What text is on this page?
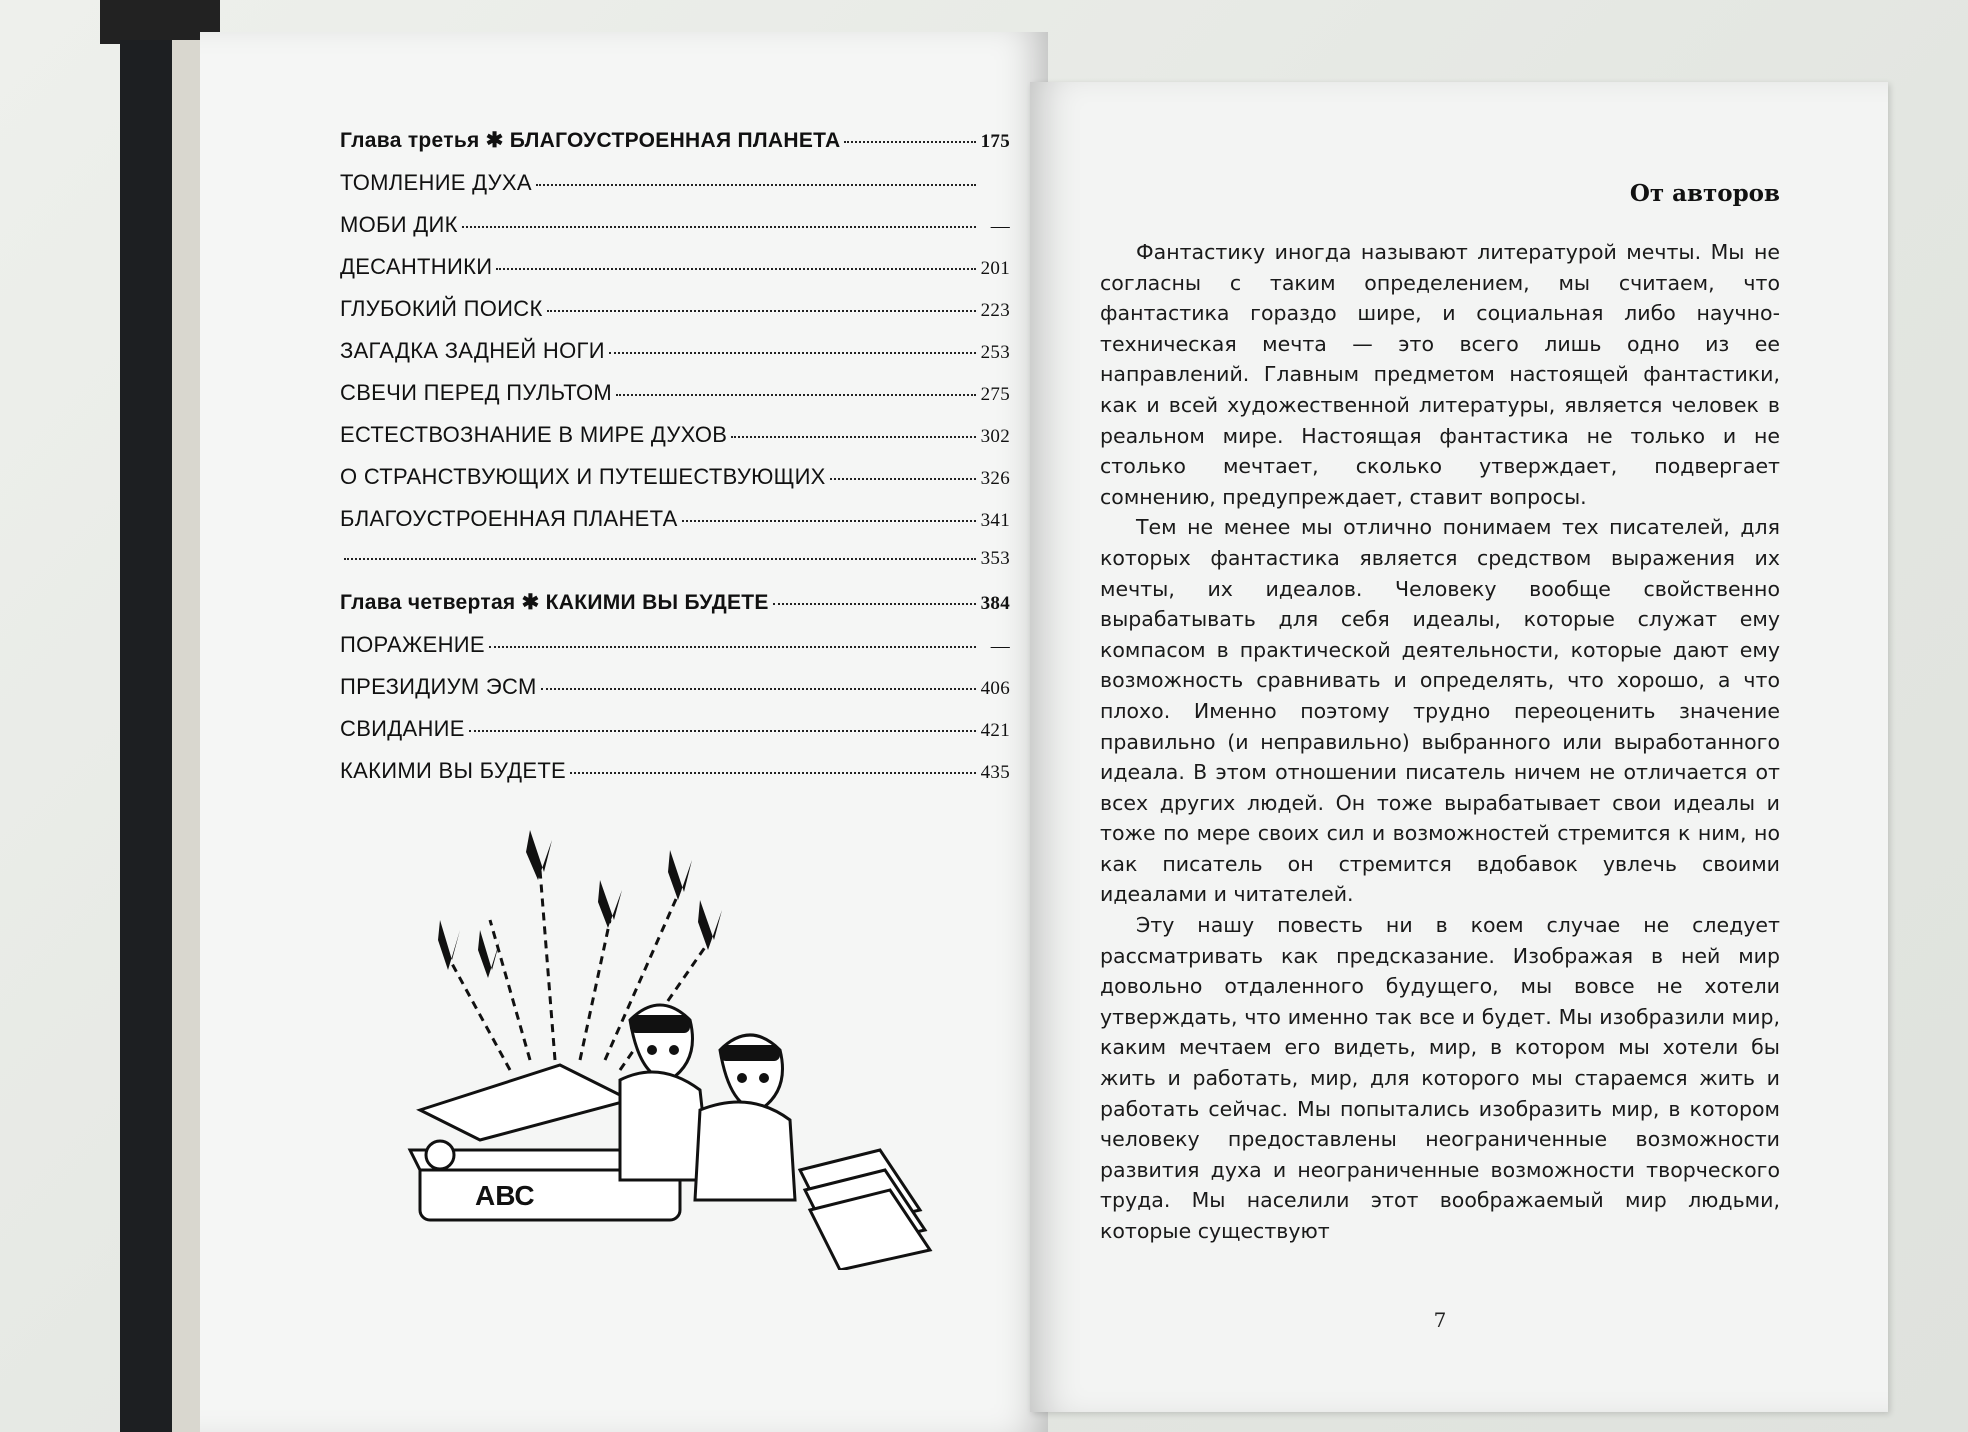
Глава третья ✱ БЛАГОУСТРОЕННАЯ ПЛАНЕТА	175
ТОМЛЕНИЕ ДУХА
МОБИ ДИК	—
ДЕСАНТНИКИ	201
ГЛУБОКИЙ ПОИСК	223
ЗАГАДКА ЗАДНЕЙ НОГИ	253
СВЕЧИ ПЕРЕД ПУЛЬТОМ	275
ЕСТЕСТВОЗНАНИЕ В МИРЕ ДУХОВ	302
О СТРАНСТВУЮЩИХ И ПУТЕШЕСТВУЮЩИХ	326
БЛАГОУСТРОЕННАЯ ПЛАНЕТА	341
353
Глава четвертая ✱ КАКИМИ ВЫ БУДЕТЕ	384
ПОРАЖЕНИЕ	—
ПРЕЗИДИУМ ЭСМ	406
СВИДАНИЕ	421
КАКИМИ ВЫ БУДЕТЕ	435
АВС
От авторов

Фантастику иногда называют литературой мечты. Мы не согласны с таким определением, мы считаем, что фантастика гораздо шире, и социальная либо научно-техническая мечта — это всего лишь одно из ее направлений. Главным предметом настоящей фантастики, как и всей художественной литературы, является человек в реальном мире. Настоящая фантастика не только и не столько мечтает, сколько утверждает, подвергает сомнению, предупреждает, ставит вопросы.

Тем не менее мы отлично понимаем тех писателей, для которых фантастика является средством выражения их мечты, их идеалов. Человеку вообще свойственно вырабатывать для себя идеалы, которые служат ему компасом в практической деятельности, которые дают ему возможность сравнивать и определять, что хорошо, а что плохо. Именно поэтому трудно переоценить значение правильно (и неправильно) выбранного или выработанного идеала. В этом отношении писатель ничем не отличается от всех других людей. Он тоже вырабатывает свои идеалы и тоже по мере своих сил и возможностей стремится к ним, но как писатель он стремится вдобавок увлечь своими идеалами и читателей.

Эту нашу повесть ни в коем случае не следует рассматривать как предсказание. Изображая в ней мир довольно отдаленного будущего, мы вовсе не хотели утверждать, что именно так все и будет. Мы изобразили мир, каким мечтаем его видеть, мир, в котором мы хотели бы жить и работать, мир, для которого мы стараемся жить и работать сейчас. Мы попытались изобразить мир, в котором человеку предоставлены неограниченные возможности развития духа и неограниченные возможности творческого труда. Мы населили этот воображаемый мир людьми, которые существуют

7
